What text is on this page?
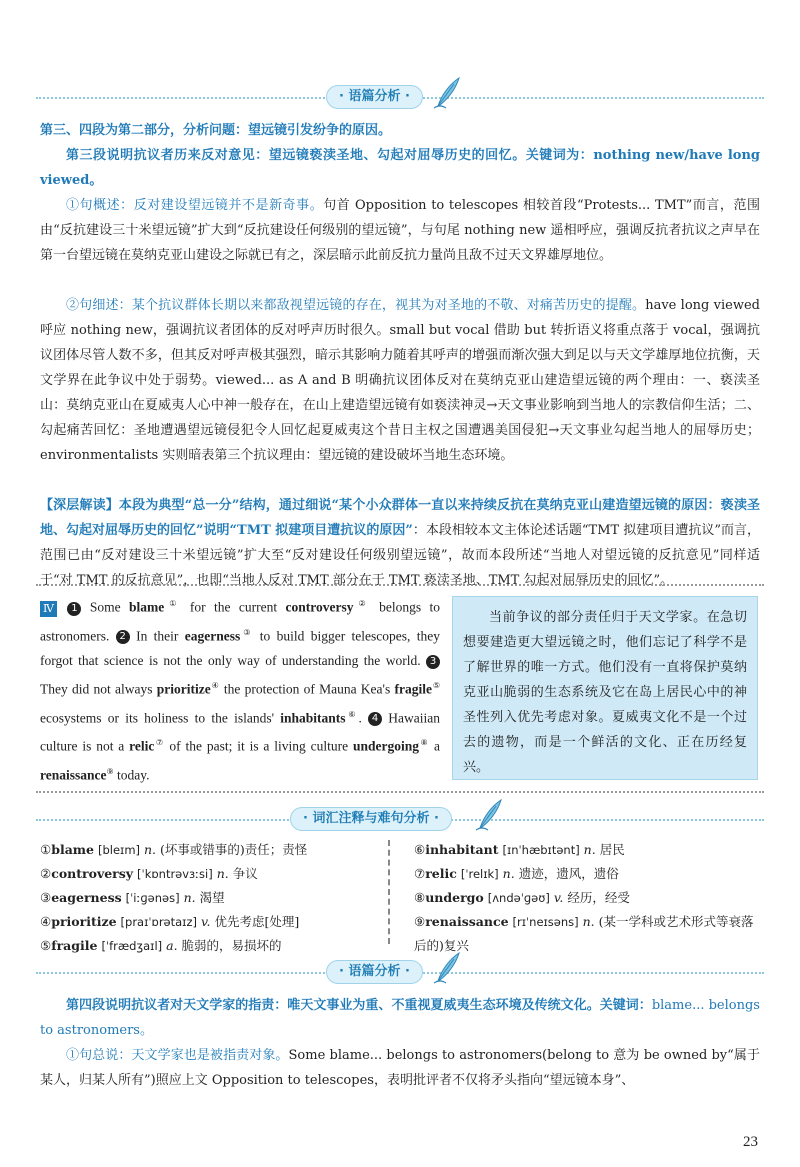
· 语篇分析 ·
第三、四段为第二部分，分析问题：望远镜引发纷争的原因。
第三段说明抗议者历来反对意见：望远镜亵渎圣地、勾起对屈辱历史的回忆。关键词为：nothing new/have long viewed。
①句概述：反对建设望远镜并不是新奇事。句首 Opposition to telescopes 相较首段“Protests... TMT”而言，范围由“反抗建设三十米望远镜”扩大到“反抗建设任何级别的望远镜”，与句尾 nothing new 遥相呼应，强调反抗者抗议之声早在第一台望远镜在莫纳克亚山建设之际就已有之，深层暗示此前反抗力量尚且敌不过天文界雄厚地位。
②句细述：某个抗议群体长期以来都敌视望远镜的存在，视其为对圣地的不敬、对痛苦历史的提醒。have long viewed 呼应 nothing new，强调抗议者团体的反对呼声历时很久。small but vocal 借助 but 转折语义将重点落于 vocal，强调抗议团体尽管人数不多，但其反对呼声极其强烈，暗示其影响力随着其呼声的增强而渐次强大到足以与天文学雄厚地位抗衡，天文学界在此争议中处于弱势。viewed... as A and B 明确抗议团体反对在莫纳克亚山建造望远镜的两个理由：一、亵渎圣山：莫纳克亚山在夏威夷人心中神一般存在，在山上建造望远镜有如亵渎神灵→天文事业影响到当地人的宗教信仰生活；二、勾起痛苦回忆：圣地遭遇望远镜侵犯令人回忆起夏威夷这个昔日主权之国遭遇美国侵犯→天文事业勾起当地人的屈辱历史；environmentalists 实则暗表第三个抗议理由：望远镜的建设破坏当地生态环境。
【深层解读】本段为典型“总一分”结构，通过细说“某个小众群体一直以来持续反抗在莫纳克亚山建造望远镜的原因：亵渎圣地、勾起对屈辱历史的回忆”说明“TMT 拟建项目遭抗议的原因”：本段相较本文主体论述话题“TMT 拟建项目遭抗议”而言，范围已由“反对建设三十米望远镜”扩大至“反对建设任何级别望远镜”，故而本段所述“当地人对望远镜的反抗意见”同样适于“对 TMT 的反抗意见”，也即“当地人反对 TMT 部分在于 TMT 亵渎圣地、TMT 勾起对屈辱历史的回忆”。
Ⅳ 1 Some blame① for the current controversy② belongs to astronomers. 2 In their eagerness③ to build bigger telescopes, they forgot that science is not the only way of understanding the world. 3 They did not always prioritize④ the protection of Mauna Kea's fragile⑤ ecosystems or its holiness to the islands' inhabitants⑥. 4 Hawaiian culture is not a relic⑦ of the past; it is a living culture undergoing⑧ a renaissance⑨ today.

当前争议的部分责任归于天文学家。在急切想要建造更大望远镜之时，他们忘记了科学不是了解世界的唯一方式。他们没有一直将保护莫纳克亚山脆弱的生态系统及它在岛上居民心中的神圣性列入优先考虑对象。夏威夷文化不是一个过去的遗物，而是一个鲜活的文化、正在历经复兴。

· 词汇注释与难句分析 ·
①blame [bleɪm] n. (坏事或错事的)责任；责怪
②controversy [ˈkɒntrəvɜːsi] n. 争议
③eagerness [ˈiːɡənəs] n. 渴望
④prioritize [praɪˈɒrətaɪz] v. 优先考虑[处理]
⑤fragile [ˈfrædʒaɪl] a. 脆弱的，易损坏的
⑥inhabitant [ɪnˈhæbɪtənt] n. 居民
⑦relic [ˈrelɪk] n. 遗迹，遗风，遗俗
⑧undergo [ʌndəˈɡəʊ] v. 经历，经受
⑨renaissance [rɪˈneɪsəns] n. (某一学科或艺术形式等衰落后的)复兴
· 语篇分析 ·
第四段说明抗议者对天文学家的指责：唯天文事业为重、不重视夏威夷生态环境及传统文化。关键词：blame... belongs to astronomers。
①句总说：天文学家也是被指责对象。Some blame... belongs to astronomers(belong to 意为 be owned by“属于某人，归某人所有”)照应上文 Opposition to telescopes，表明批评者不仅将矛头指向“望远镜本身”、
23
